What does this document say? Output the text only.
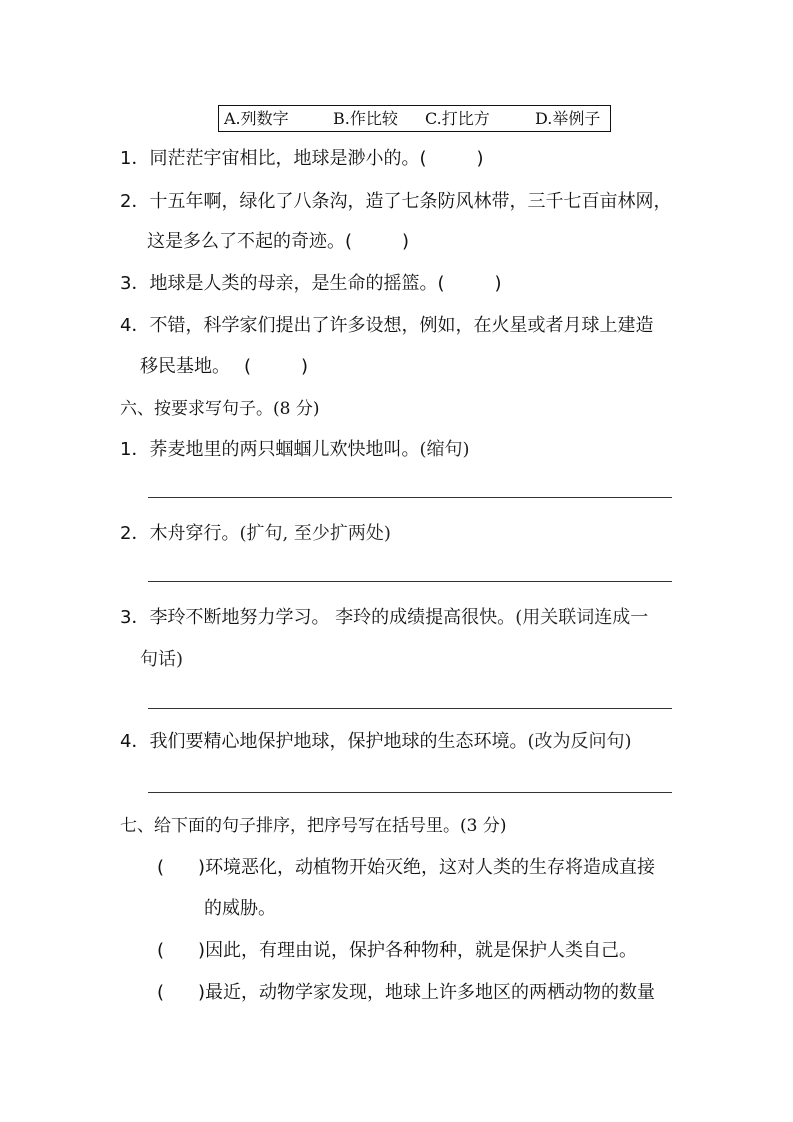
A.列数字	B.作比较 C.打比方	D.举例子
1．同茫茫宇宙相比，地球是渺小的。(	)
2．十五年啊，绿化了八条沟，造了七条防风林带，三千七百亩林网，
这是多么了不起的奇迹。(	)
3．地球是人类的母亲，是生命的摇篮。(	)
4．不错，科学家们提出了许多设想，例如，在火星或者月球上建造
移民基地。 (	)
六、按要求写句子。(8 分)
1．荞麦地里的两只蝈蝈儿欢快地叫。(缩句)
2．木舟穿行。(扩句, 至少扩两处)
3．李玲不断地努力学习。 李玲的成绩提高很快。(用关联词连成一
句话)
4．我们要精心地保护地球，保护地球的生态环境。(改为反问句)
七、给下面的句子排序，把序号写在括号里。(3 分)
( )环境恶化，动植物开始灭绝，这对人类的生存将造成直接
的威胁。
( )因此，有理由说，保护各种物种，就是保护人类自己。
( )最近，动物学家发现，地球上许多地区的两栖动物的数量
